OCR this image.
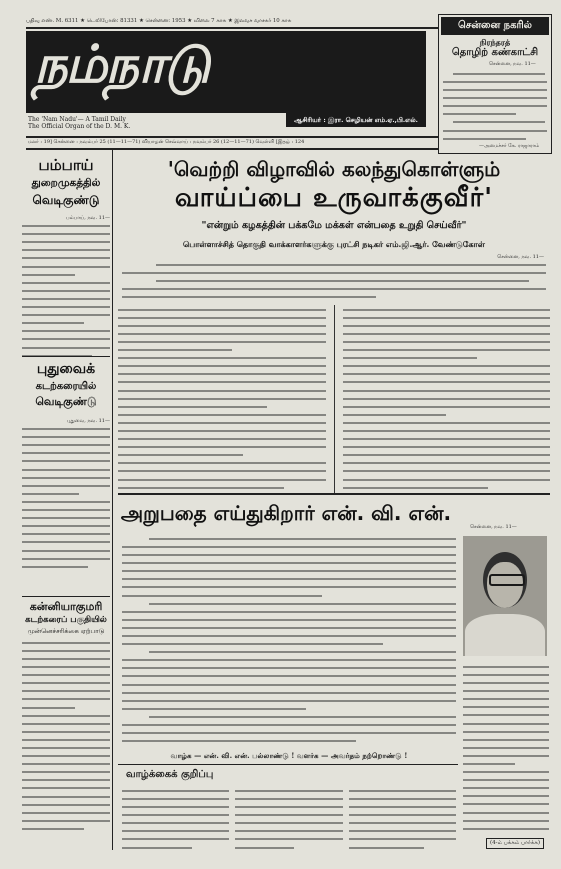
பதிவு எண். M. 6311 ★ டெலிபோன்: 81331 ★ சென்னை: 1953 ★ விலை 7 காசு ★ இலவச வாசகர் 10 காசு
நம்நாடு
ஆசிரியர் : இரா. செழியன் எம்.ஏ.,பி.எல்.
The 'Nam Nadu'— A Tamil Daily
The Official Organ of the D. M. K.
மலர் : 19] சென்னை : நவம்பர் 25 (11—11—71) வியாழன் செவ்வாய் : நவம்பர் 26 (12—11—71) வெள்ளி [இதழ் : 124
சென்னை நகரில்
நிரந்தரத்
தொழிற் கண்காட்சி
சென்னை, நவ. 11—
—அமைச்சர் கே. ராஜாராம்
பம்பாய்
துறைமுகத்தில்
வெடிகுண்டு
பம்பாய், நவ. 11—
புதுவைக்
கடற்கரையில்
வெடிகுண்டு
புதுவை, நவ. 11—
கன்னியாகுமரி
கடற்கரைப் பகுதியில்
முன்னெச்சரிக்கை ஏற்பாடு
'வெற்றி விழாவில் கலந்துகொள்ளும்
வாய்ப்பை உருவாக்குவீர்'
"என்றும் கழகத்தின் பக்கமே மக்கள் என்பதை உறுதி செய்வீர்"
பொள்ளாச்சித் தொகுதி வாக்காளர்களுக்கு புரட்சி நடிகர் எம்.ஜி.ஆர். வேண்டுகோள்
சென்னை, நவ. 11—
அறுபதை எய்துகிறார் என். வி. என்.
சென்னை, நவ. 11—
வாழ்க — என். வி. என். பல்லாண்டு ! வளர்க — அவர்தம் நற்றொண்டு !
வாழ்க்கைக் குறிப்பு
(4-ம் பக்கம் பார்க்க)
